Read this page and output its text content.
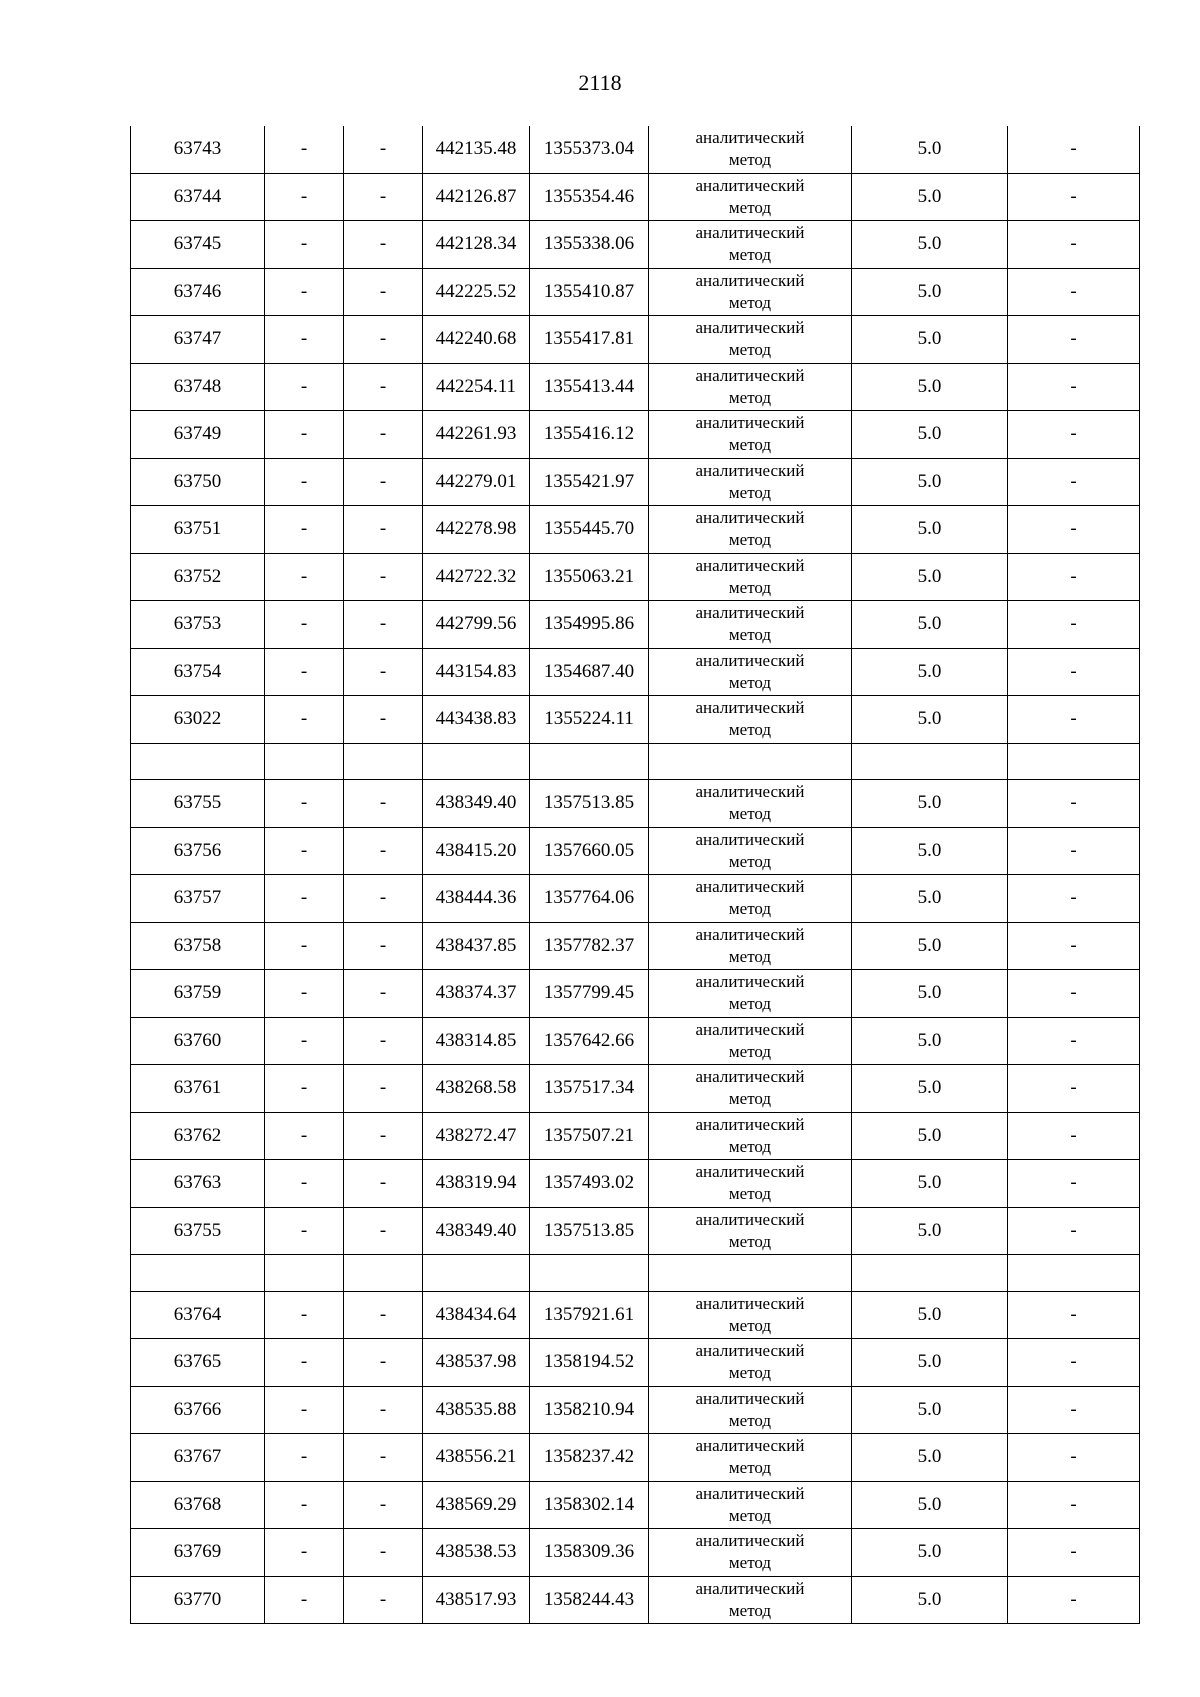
2118
63743	-	-	442135.48	1355373.04	аналитический
метод	5.0	-
63744	-	-	442126.87	1355354.46	аналитический
метод	5.0	-
63745	-	-	442128.34	1355338.06	аналитический
метод	5.0	-
63746	-	-	442225.52	1355410.87	аналитический
метод	5.0	-
63747	-	-	442240.68	1355417.81	аналитический
метод	5.0	-
63748	-	-	442254.11	1355413.44	аналитический
метод	5.0	-
63749	-	-	442261.93	1355416.12	аналитический
метод	5.0	-
63750	-	-	442279.01	1355421.97	аналитический
метод	5.0	-
63751	-	-	442278.98	1355445.70	аналитический
метод	5.0	-
63752	-	-	442722.32	1355063.21	аналитический
метод	5.0	-
63753	-	-	442799.56	1354995.86	аналитический
метод	5.0	-
63754	-	-	443154.83	1354687.40	аналитический
метод	5.0	-
63022	-	-	443438.83	1355224.11	аналитический
метод	5.0	-

63755	-	-	438349.40	1357513.85	аналитический
метод	5.0	-
63756	-	-	438415.20	1357660.05	аналитический
метод	5.0	-
63757	-	-	438444.36	1357764.06	аналитический
метод	5.0	-
63758	-	-	438437.85	1357782.37	аналитический
метод	5.0	-
63759	-	-	438374.37	1357799.45	аналитический
метод	5.0	-
63760	-	-	438314.85	1357642.66	аналитический
метод	5.0	-
63761	-	-	438268.58	1357517.34	аналитический
метод	5.0	-
63762	-	-	438272.47	1357507.21	аналитический
метод	5.0	-
63763	-	-	438319.94	1357493.02	аналитический
метод	5.0	-
63755	-	-	438349.40	1357513.85	аналитический
метод	5.0	-

63764	-	-	438434.64	1357921.61	аналитический
метод	5.0	-
63765	-	-	438537.98	1358194.52	аналитический
метод	5.0	-
63766	-	-	438535.88	1358210.94	аналитический
метод	5.0	-
63767	-	-	438556.21	1358237.42	аналитический
метод	5.0	-
63768	-	-	438569.29	1358302.14	аналитический
метод	5.0	-
63769	-	-	438538.53	1358309.36	аналитический
метод	5.0	-
63770	-	-	438517.93	1358244.43	аналитический
метод	5.0	-
